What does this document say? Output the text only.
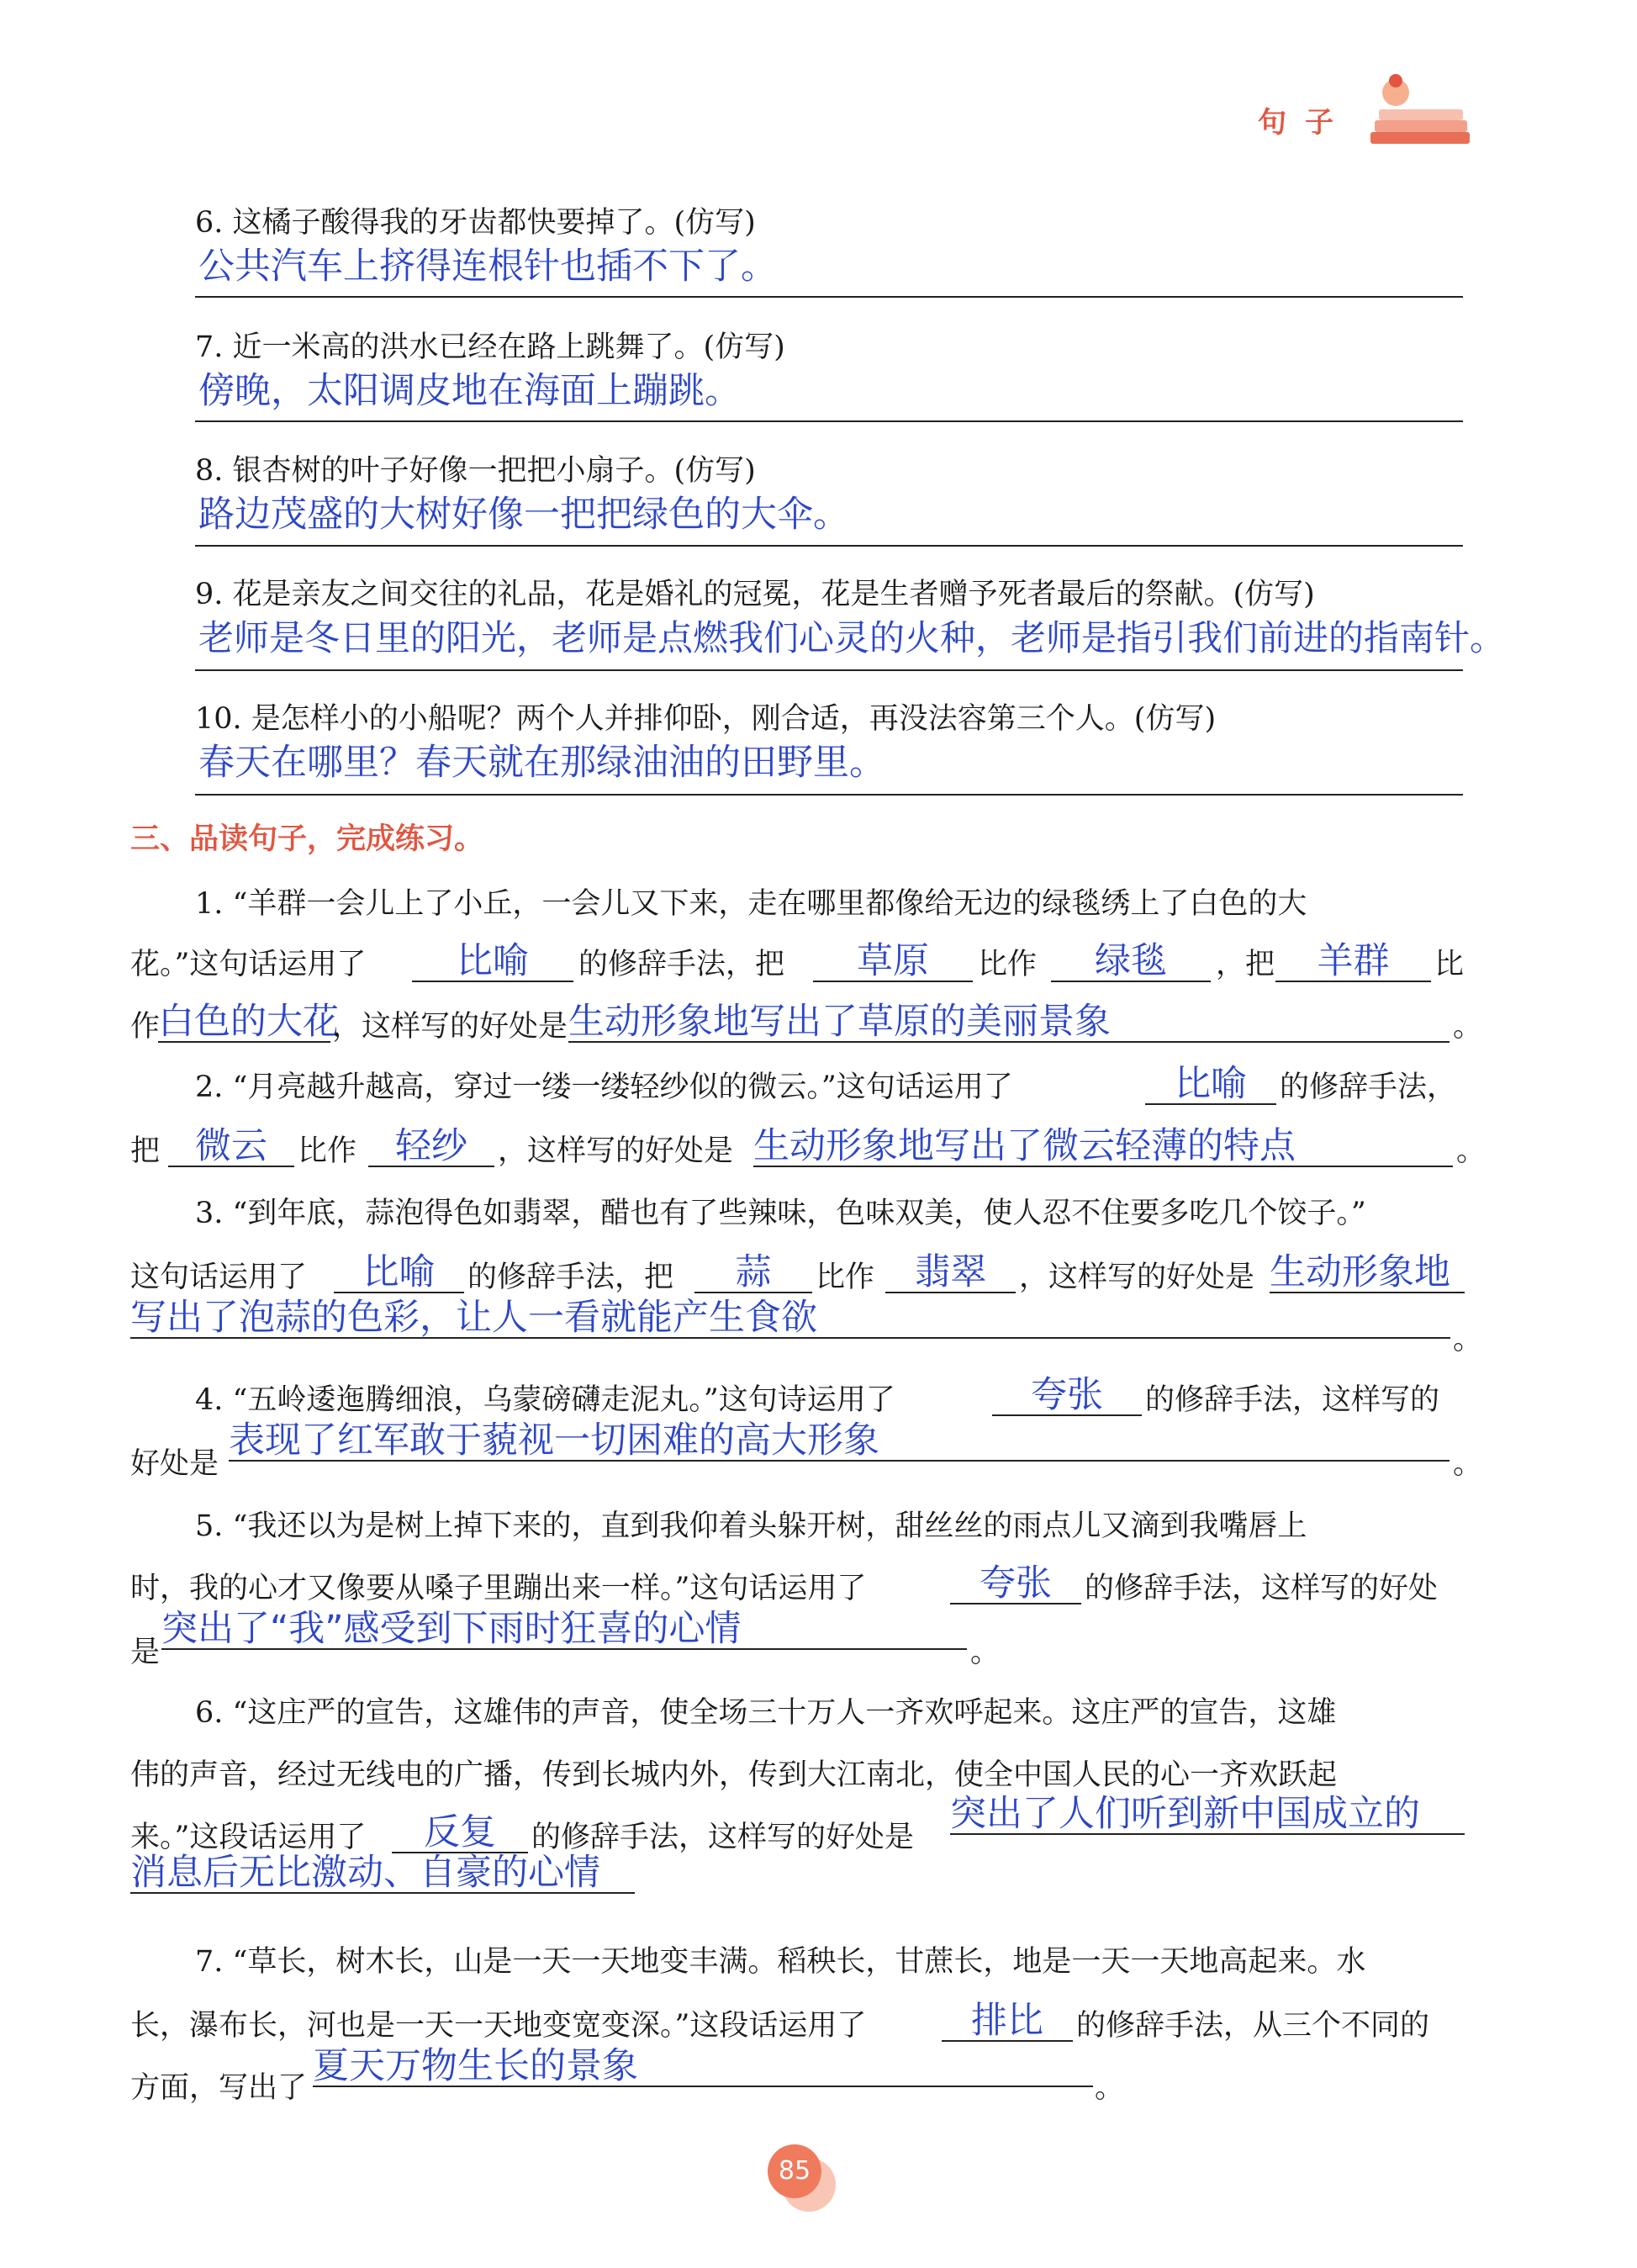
句子
6. 这橘子酸得我的牙齿都快要掉了。(仿写)
公共汽车上挤得连根针也插不下了。
7. 近一米高的洪水已经在路上跳舞了。(仿写)
傍晚，太阳调皮地在海面上蹦跳。
8. 银杏树的叶子好像一把把小扇子。(仿写)
路边茂盛的大树好像一把把绿色的大伞。
9. 花是亲友之间交往的礼品，花是婚礼的冠冕，花是生者赠予死者最后的祭献。(仿写)
老师是冬日里的阳光，老师是点燃我们心灵的火种，老师是指引我们前进的指南针。
10. 是怎样小的小船呢？两个人并排仰卧，刚合适，再没法容第三个人。(仿写)
春天在哪里？春天就在那绿油油的田野里。
三、品读句子，完成练习。
1. “羊群一会儿上了小丘，一会儿又下来，走在哪里都像给无边的绿毯绣上了白色的大
花。”这句话运用了	比喻	的修辞手法，把	草原	比作	绿毯	，把	羊群	比
作
白色的大花
，这样写的好处是 生动形象地写出了草原的美丽景象	。
2. “月亮越升越高，穿过一缕一缕轻纱似的微云。”这句话运用了	比喻	的修辞手法，
把 微云	比作	轻纱	，这样写的好处是 生动形象地写出了微云轻薄的特点	。
3. “到年底，蒜泡得色如翡翠，醋也有了些辣味，色味双美，使人忍不住要多吃几个饺子。”
这句话运用了	比喻	的修辞手法，把	蒜	比作	翡翠	，这样写的好处是 生动形象地
写出了泡蒜的色彩，让人一看就能产生食欲
。
4. “五岭逶迤腾细浪，乌蒙磅礴走泥丸。”这句诗运用了	夸张	的修辞手法，这样写的
好处是
表现了红军敢于藐视一切困难的高大形象
。
5. “我还以为是树上掉下来的，直到我仰着头躲开树，甜丝丝的雨点儿又滴到我嘴唇上
时，我的心才又像要从嗓子里蹦出来一样。”这句话运用了	夸张	的修辞手法，这样写的好处
是
突出了“我”感受到下雨时狂喜的心情
。
6. “这庄严的宣告，这雄伟的声音，使全场三十万人一齐欢呼起来。这庄严的宣告，这雄
伟的声音，经过无线电的广播，传到长城内外，传到大江南北，使全中国人民的心一齐欢跃起
来。”这段话运用了	反复	的修辞手法，这样写的好处是
突出了人们听到新中国成立的
消息后无比激动、自豪的心情
7. “草长，树木长，山是一天一天地变丰满。稻秧长，甘蔗长，地是一天一天地高起来。水
长，瀑布长，河也是一天一天地变宽变深。”这段话运用了	排比	的修辞手法，从三个不同的
方面，写出了
夏天万物生长的景象
。
85
